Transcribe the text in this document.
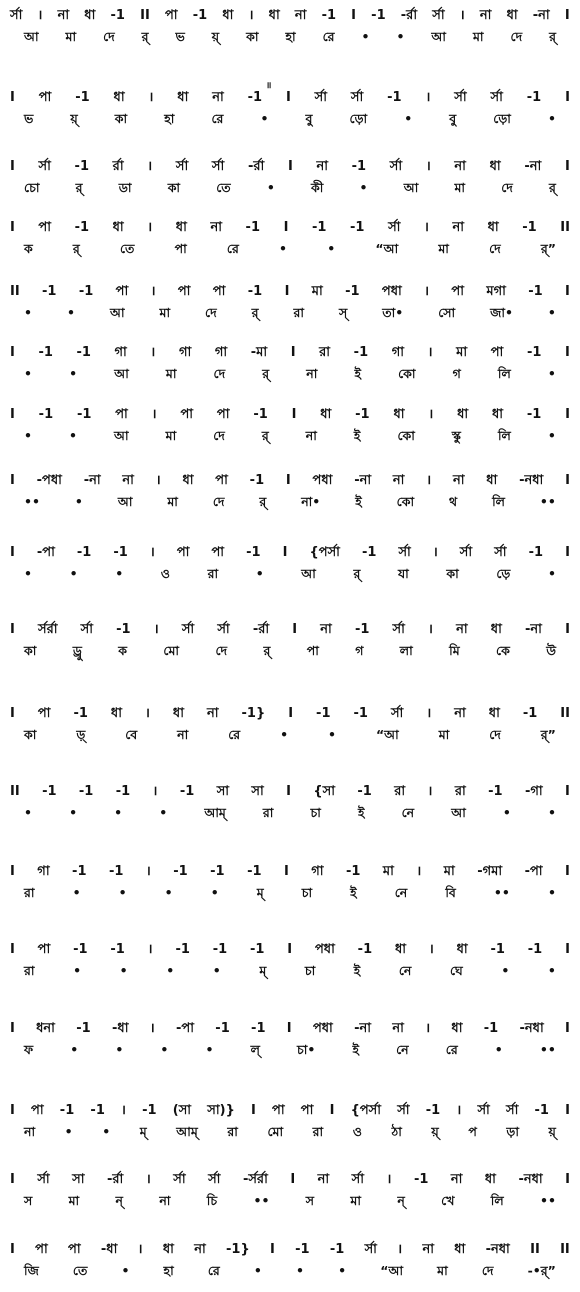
॥
র্সা । না ধা -1 II পা -1 ধা । ধা না -1 I -1 -র্রা র্সা । না ধা -না I
আ মা দে র্ ভ য়্ কা হা রে • • আ মা দে র্
I পা -1 ধা । ধা না -1 I র্সা র্সা -1 । র্সা র্সা -1 I
ভ	য়্	কা	হা	রে	•	বু	ড়ো	•	বু	ড়ো	•
I র্সা -1 র্রা । র্সা র্সা -র্রা I না -1 র্সা । না ধা -না I
চো	র্	ডা	কা	তে	•	কী	•	আ	মা	দে	র্
I পা -1 ধা । ধা না -1 I -1 -1 র্সা । না ধা -1 II
ক	র্	তে	পা	রে	•	•	“আ	মা	দে	র্”
II -1 -1 পা । পা পা -1 I মা -1 পধা । পা মগা -1 I
•	•	আ	মা	দে	র্	রা	স্	তা•	সো	জা•	•
I -1 -1 গা । গা গা -মা I রা -1 গা । মা পা -1 I
•	•	আ	মা	দে	র্	না	ই	কো	গ	লি	•
I -1 -1 পা । পা পা -1 I ধা -1 ধা । ধা ধা -1 I
•	•	আ	মা	দে	র্	না	ই	কো	স্কু	লি	•
I -পধা -না না । ধা পা -1 I পধা -না না । না ধা -নধা I
••	•	আ	মা	দে	র্	না•	ই	কো	থ	লি	••
I -পা -1 -1 । পা পা -1 I {পর্সা -1 র্সা । র্সা র্সা -1 I
•	•	•	ও	রা	•	আ	র্	যা	কা	ড়ে	•
I র্সর্রা র্সা -1 । র্সা র্সা -র্রা I না -1 র্সা । না ধা -না I
কা	ড্রু	ক	মো	দে	র্	পা	গ	লা	মি	কে	উ
I পা -1 ধা । ধা না -1} I -1 -1 র্সা । না ধা -1 II
কা	ড়্	বে	না	রে	•	•	“আ	মা	দে	র্”
II -1 -1 -1 । -1 সা সা I {সা -1 রা । রা -1 -গা I
•	•	•	•	আম্	রা	চা	ই	নে	আ	•	•
I গা -1 -1 । -1 -1 -1 I গা -1 মা । মা -গমা -পা I
রা	•	•	•	•	ম্	চা	ই	নে	বি	••	•
I পা -1 -1 । -1 -1 -1 I পধা -1 ধা । ধা -1 -1 I
রা	•	•	•	•	ম্	চা	ই	নে	ঘে	•	•
I ধনা -1 -ধা । -পা -1 -1 I পধা -না না । ধা -1 -নধা I
ফ	•	•	•	•	ল্	চা•	ই	নে	রে	•	••
I পা -1 -1 । -1 (সা সা)} I পা পা I {পর্সা র্সা -1 । র্সা র্সা -1 I
না • • ম্ আম্ রা মো রা ও ঠা য়্ প ড়া য়্
I র্সা সা -র্রা । র্সা র্সা -র্সর্রা I না র্সা । -1 না ধা -নধা I
স	মা	ন্	না	চি	••	স	মা	ন্	খে	লি	••
I পা পা -ধা । ধা না -1} I -1 -1 র্সা । না ধা -নধা II II
জি	তে	•	হা	রে	•	•	•	“আ	মা	দে	-•র্”
